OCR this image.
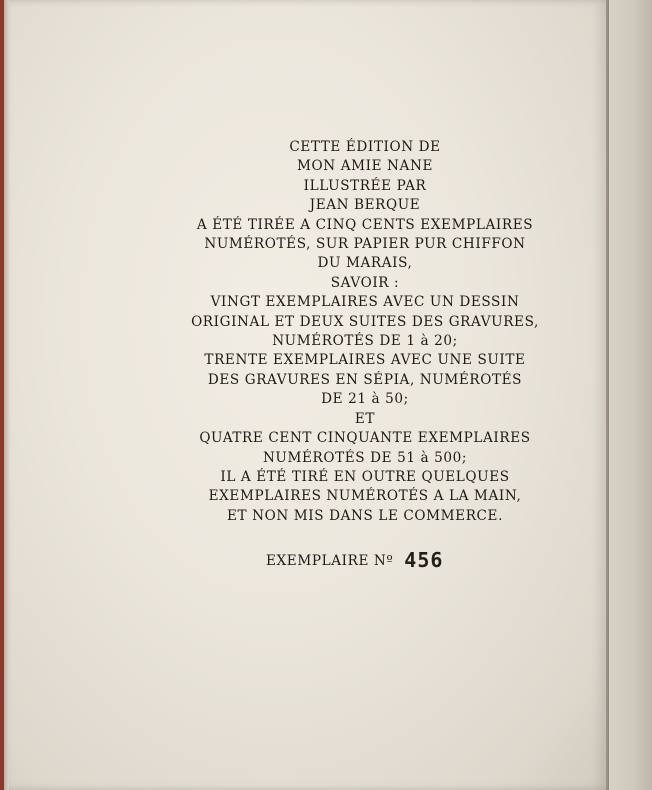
CETTE ÉDITION DE
MON AMIE NANE
ILLUSTRÉE PAR
JEAN BERQUE
A ÉTÉ TIRÉE A CINQ CENTS EXEMPLAIRES
NUMÉROTÉS, SUR PAPIER PUR CHIFFON
DU MARAIS,
SAVOIR :
VINGT EXEMPLAIRES AVEC UN DESSIN
ORIGINAL ET DEUX SUITES DES GRAVURES,
NUMÉROTÉS DE 1 à 20;
TRENTE EXEMPLAIRES AVEC UNE SUITE
DES GRAVURES EN SÉPIA, NUMÉROTÉS
DE 21 à 50;
ET
QUATRE CENT CINQUANTE EXEMPLAIRES
NUMÉROTÉS DE 51 à 500;
IL A ÉTÉ TIRÉ EN OUTRE QUELQUES
EXEMPLAIRES NUMÉROTÉS A LA MAIN,
ET NON MIS DANS LE COMMERCE.
EXEMPLAIRE Nº 456
